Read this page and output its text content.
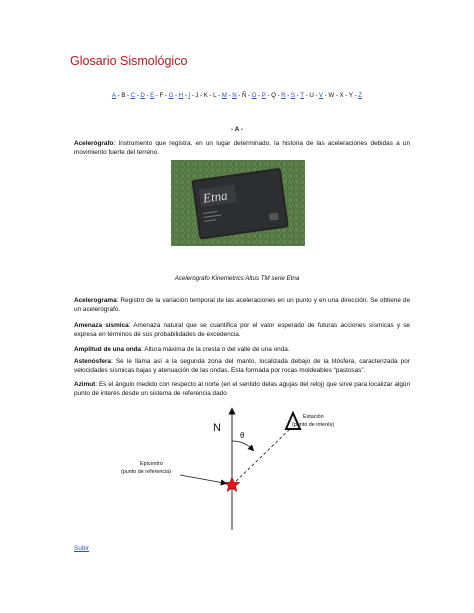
Glosario Sismológico
A - B - C - D - E - F - G - H - I - J - K - L - M - N - Ñ - O - P - Q - R - S - T - U - V - W - X - Y - Z
- A -
Acelerógrafo: Instrumento que registra, en un lugar determinado, la historia de las aceleraciones debidas a un movimiento fuerte del terreno.
Etna
Acelerógrafo Kinemetrics Altus TM serie Etna
Acelerograma: Registro de la variación temporal de las aceleraciones en un punto y en una dirección. Se obtiene de un acelerógrafo.
Amenaza sísmica: Amenaza natural que se cuantifica por el valor esperado de futuras acciones sísmicas y se expresa en términos de sus probabilidades de excedencia.
Amplitud de una onda: Altura máxima de la cresta o del valle de una onda.
Astenósfera: Se le llama así a la segunda zona del manto, localizada debajo de la litósfera, caracterizada por velocidades sísmicas bajas y atenuación de las ondas. Esta formada por rocas moldeables “pastosas”.
Azimut: Es el ángulo medido con respecto al norte (en el sentido delas agujas del reloj) que sirve para localizar algún punto de interés desde un sistema de referencia dado
N
θ
Estación
(punto de interés)
Epicentro
(punto de referencia)
Subir
